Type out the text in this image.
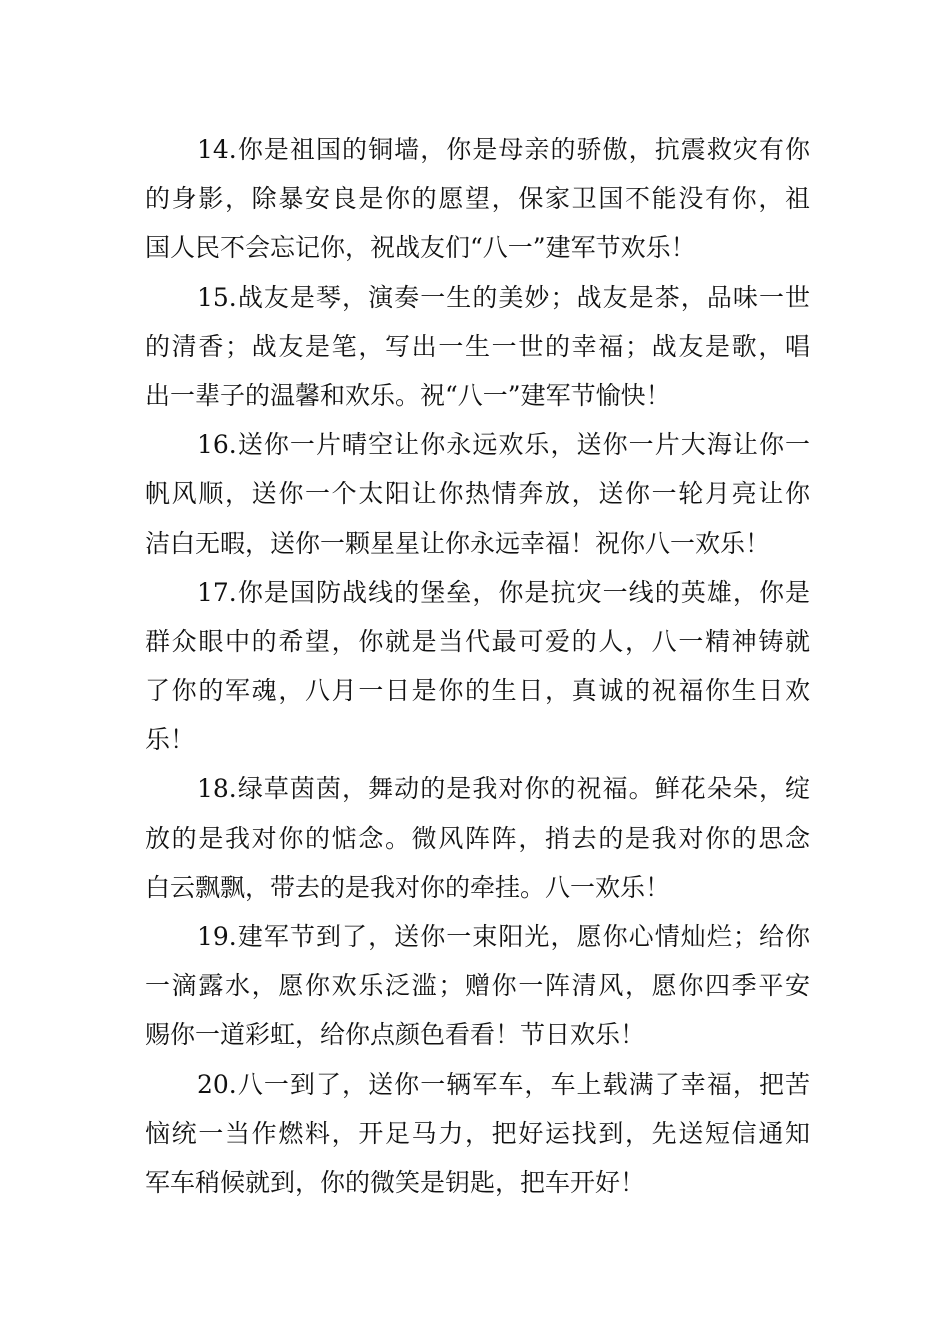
14.你是祖国的铜墙，你是母亲的骄傲，抗震救灾有你
的身影，除暴安良是你的愿望，保家卫国不能没有你，祖
国人民不会忘记你，祝战友们“八一”建军节欢乐！
15.战友是琴，演奏一生的美妙；战友是茶，品味一世
的清香；战友是笔，写出一生一世的幸福；战友是歌，唱
出一辈子的温馨和欢乐。祝“八一”建军节愉快！
16.送你一片晴空让你永远欢乐，送你一片大海让你一
帆风顺，送你一个太阳让你热情奔放，送你一轮月亮让你
洁白无暇，送你一颗星星让你永远幸福！祝你八一欢乐！
17.你是国防战线的堡垒，你是抗灾一线的英雄，你是
群众眼中的希望，你就是当代最可爱的人，八一精神铸就
了你的军魂，八月一日是你的生日，真诚的祝福你生日欢
乐！
18.绿草茵茵，舞动的是我对你的祝福。鲜花朵朵，绽
放的是我对你的惦念。微风阵阵，捎去的是我对你的思念
白云飘飘，带去的是我对你的牵挂。八一欢乐！
19.建军节到了，送你一束阳光，愿你心情灿烂；给你
一滴露水，愿你欢乐泛滥；赠你一阵清风，愿你四季平安
赐你一道彩虹，给你点颜色看看！节日欢乐！
20.八一到了，送你一辆军车，车上载满了幸福，把苦
恼统一当作燃料，开足马力，把好运找到，先送短信通知
军车稍候就到，你的微笑是钥匙，把车开好！
